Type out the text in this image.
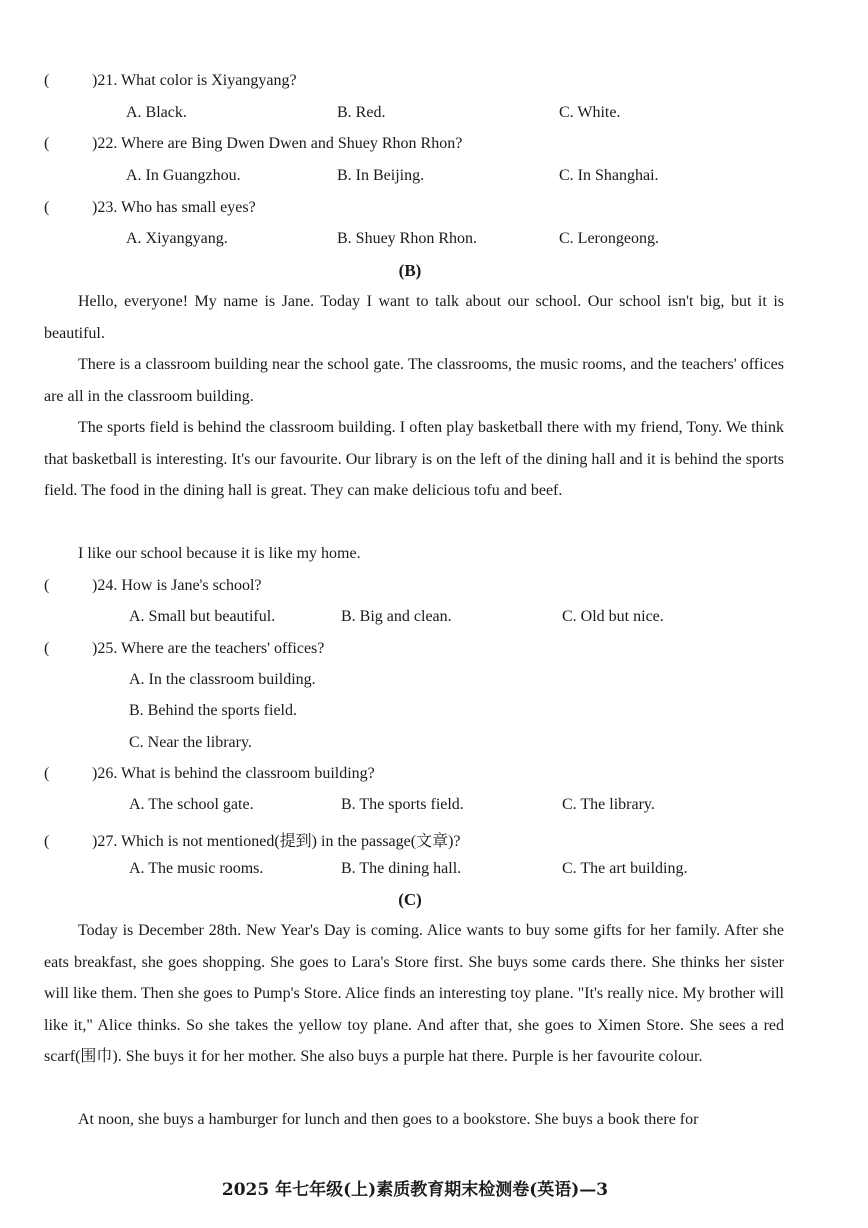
(	)21. What color is Xiyangyang?
A. Black.	B. Red.	C. White.
(	)22. Where are Bing Dwen Dwen and Shuey Rhon Rhon?
A. In Guangzhou.	B. In Beijing.	C. In Shanghai.
(	)23. Who has small eyes?
A. Xiyangyang.	B. Shuey Rhon Rhon.	C. Lerongeong.
(B)

Hello, everyone! My name is Jane. Today I want to talk about our school. Our school isn't big, but it is beautiful.

There is a classroom building near the school gate. The classrooms, the music rooms, and the teachers' offices are all in the classroom building.

The sports field is behind the classroom building. I often play basketball there with my friend, Tony. We think that basketball is interesting. It's our favourite. Our library is on the left of the dining hall and it is behind the sports field. The food in the dining hall is great. They can make delicious tofu and beef.

I like our school because it is like my home.

(	)24. How is Jane's school?
A. Small but beautiful.	B. Big and clean.	C. Old but nice.
(	)25. Where are the teachers' offices?
A. In the classroom building.
B. Behind the sports field.
C. Near the library.
(	)26. What is behind the classroom building?
A. The school gate.	B. The sports field.	C. The library.
(	)27. Which is not mentioned(提到) in the passage(文章)?
A. The music rooms.	B. The dining hall.	C. The art building.
(C)

Today is December 28th. New Year's Day is coming. Alice wants to buy some gifts for her family. After she eats breakfast, she goes shopping. She goes to Lara's Store first. She buys some cards there. She thinks her sister will like them. Then she goes to Pump's Store. Alice finds an interesting toy plane. "It's really nice. My brother will like it," Alice thinks. So she takes the yellow toy plane. And after that, she goes to Ximen Store. She sees a red scarf(围巾). She buys it for her mother. She also buys a purple hat there. Purple is her favourite colour.

At noon, she buys a hamburger for lunch and then goes to a bookstore. She buys a book there for

2025 年七年级(上)素质教育期末检测卷(英语)—3
